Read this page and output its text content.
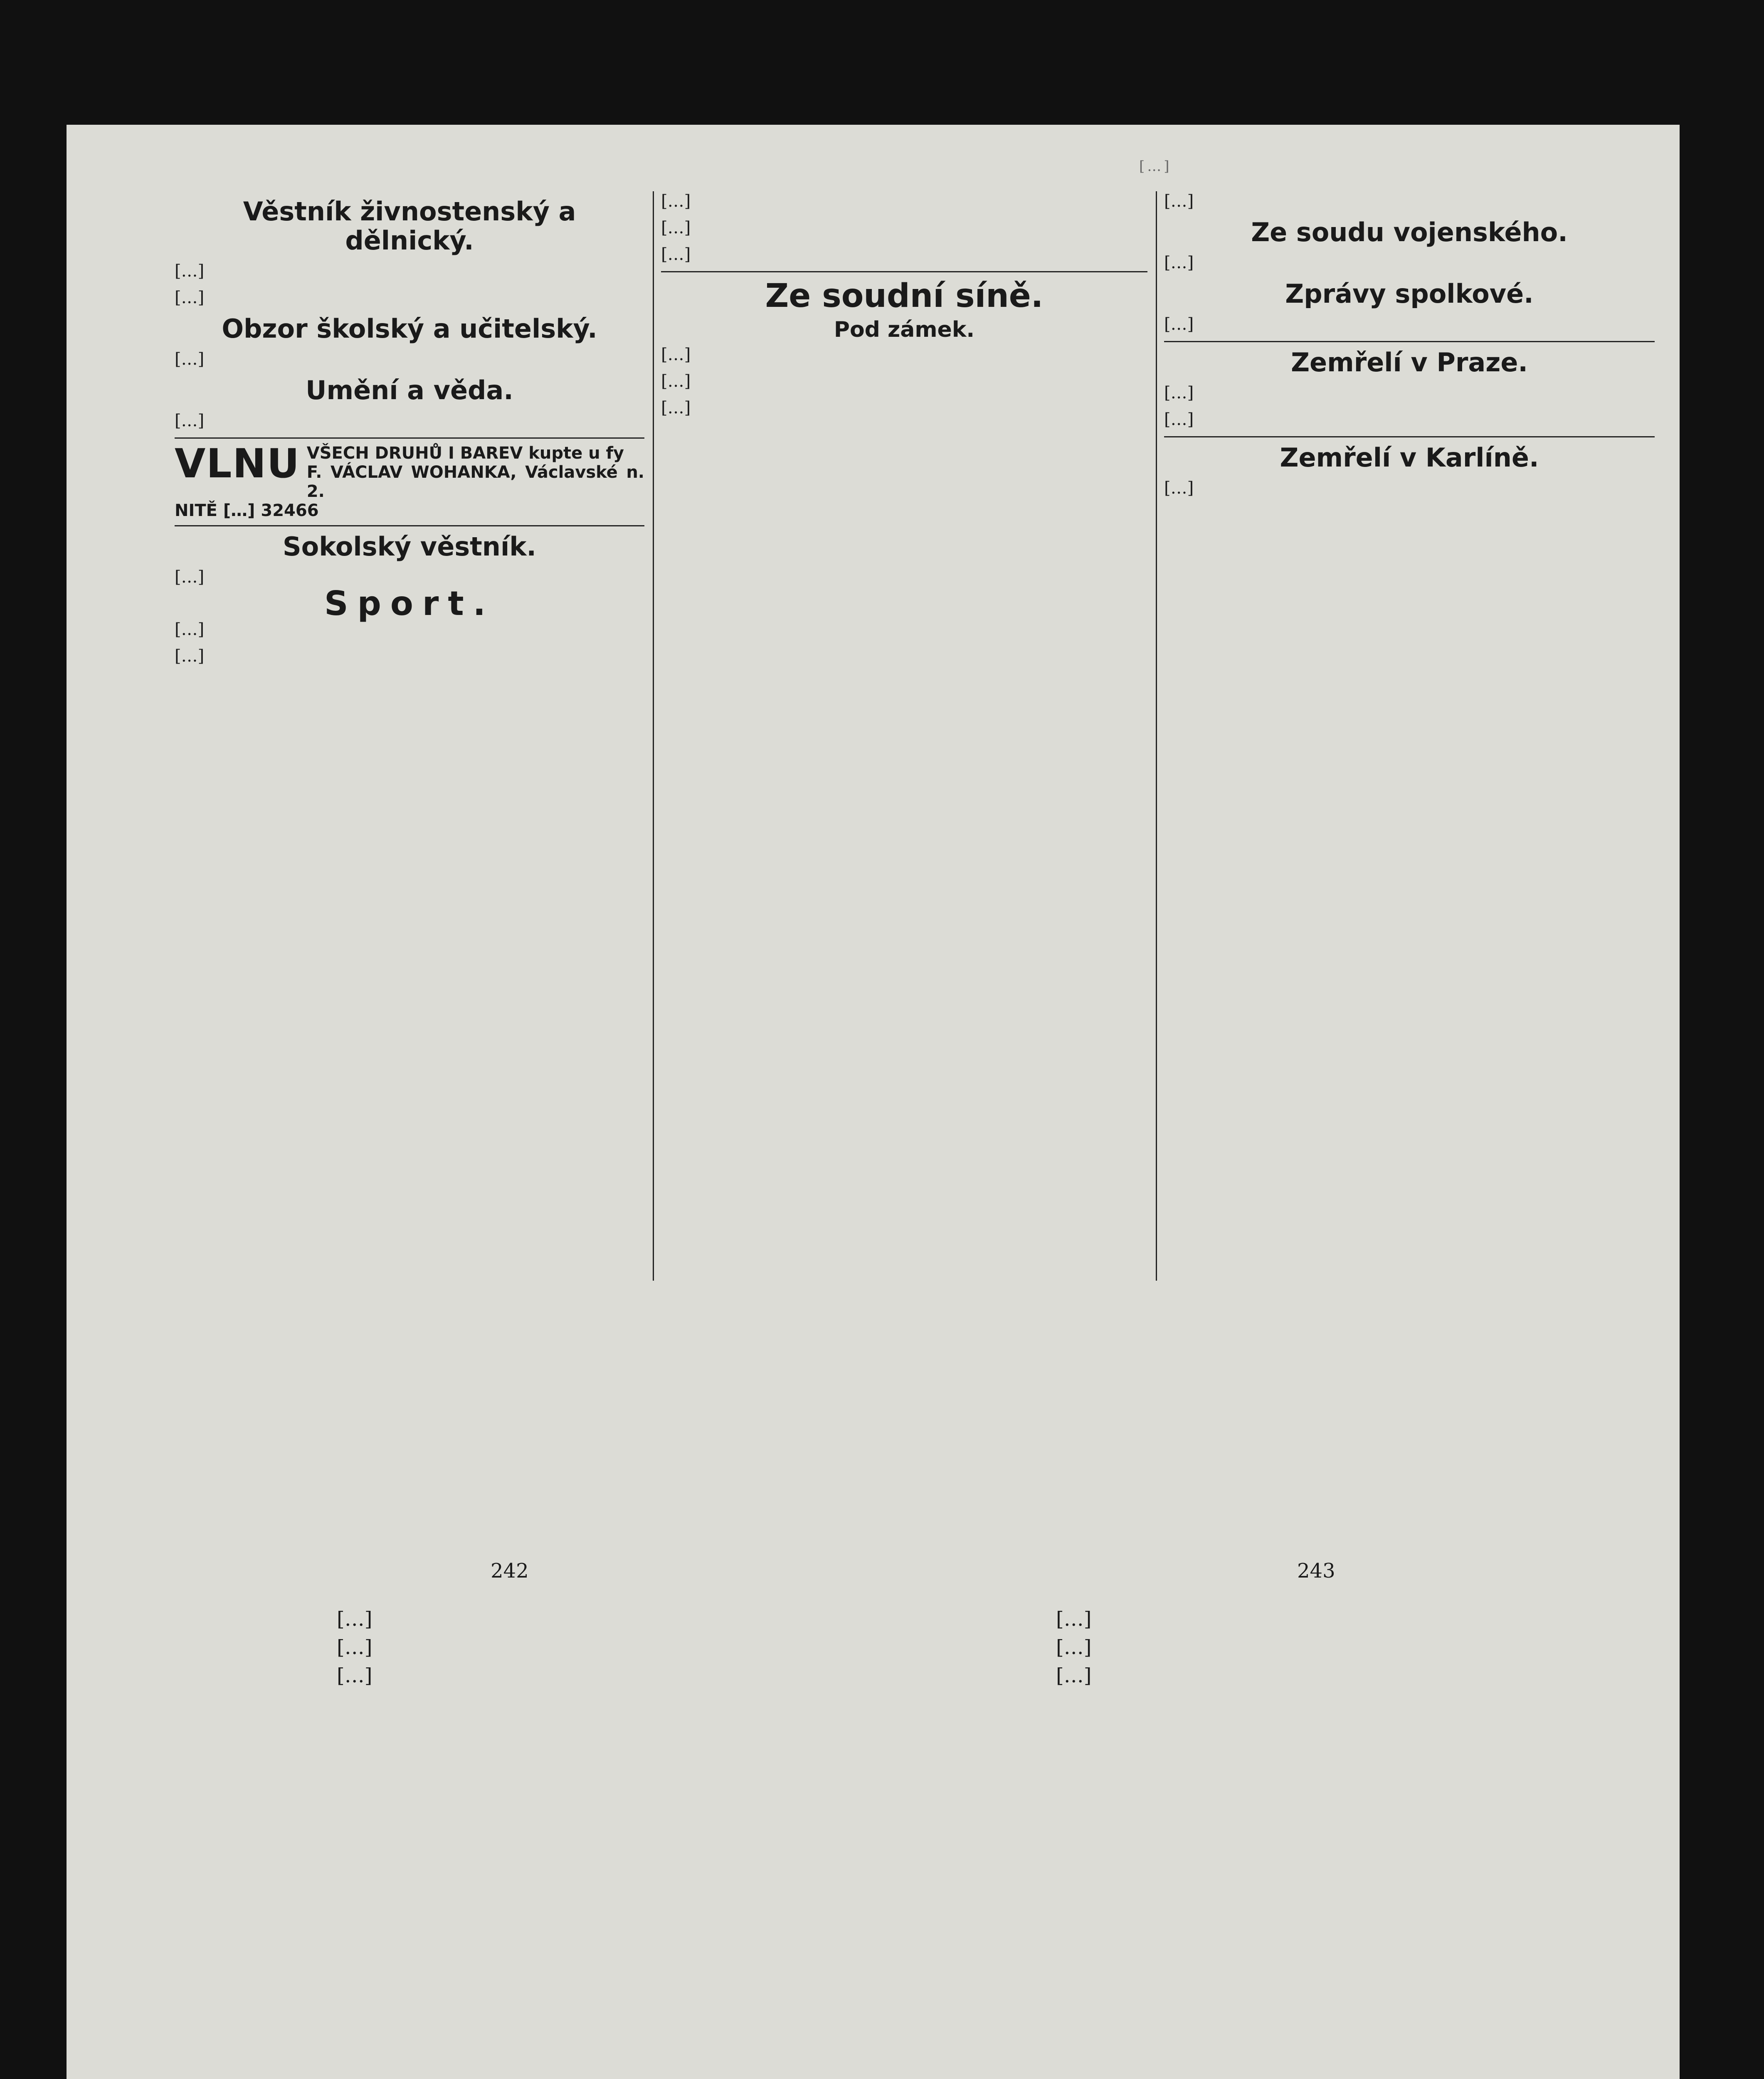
[…]
Věstník živnostenský a dělnický.

[…]

[…]

Obzor školský a učitelský.

[…]

Umění a věda.

[…]

VLNU VŠECH DRUHŮ I BAREV kupte u fy
F. VÁCLAV WOHANKA, Václavské n. 2.
NITĚ […] 32466
Sokolský věstník.

[…]

Sport.

[…]

[…]

[…]

[…]

[…]

Ze soudní síně.
Pod zámek.

[…]

[…]

[…]

[…]

Ze soudu vojenského.

[…]

Zprávy spolkové.

[…]

Zemřelí v Praze.

[…]

[…]

Zemřelí v Karlíně.

[…]

242	243

[…]

[…]

[…]

[…]

[…]

[…]
